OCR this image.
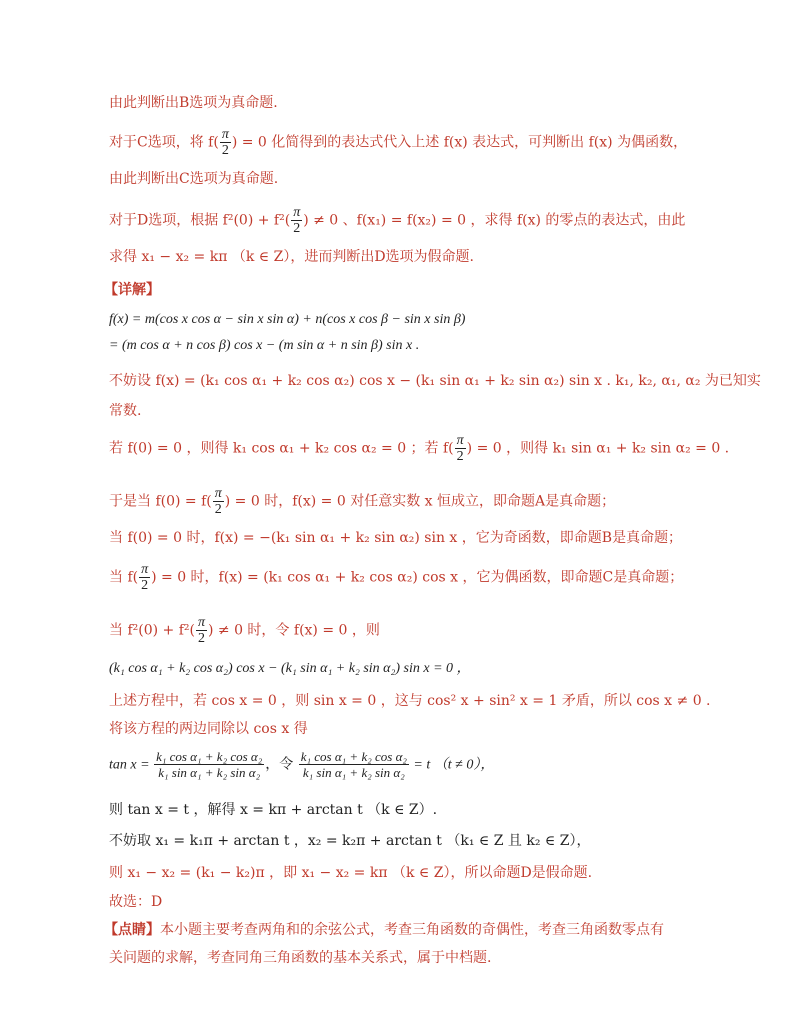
由此判断出B选项为真命题.
对于C选项，将 $f( \frac{\pi}{2}$ ) = 0 化简得到的表达式代入上述 f(x) 表达式，可判断出 f(x) 为偶函数，
由此判断出C选项为真命题.
对于D选项，根据 $f^2(0) + f^2( \frac{\pi}{2}$ ) ≠ 0 、f(x₁) = f(x₂) = 0 ，求得 f(x) 的零点的表达式，由此
求得 x₁ − x₂ = kπ （k ∈ Z），进而判断出D选项为假命题.
【详解】
f(x) = m(cos x cos α − sin x sin α) + n(cos x cos β − sin x sin β)
= (m cos α + n cos β) cos x − (m sin α + n sin β) sin x .
不妨设 f(x) = (k₁ cos α₁ + k₂ cos α₂) cos x − (k₁ sin α₁ + k₂ sin α₂) sin x . k₁, k₂, α₁, α₂ 为已知实
常数.
若 f(0) = 0 ，则得 k₁ cos α₁ + k₂ cos α₂ = 0 ；若 $f( \frac{\pi}{2}$ ) = 0 ，则得 k₁ sin α₁ + k₂ sin α₂ = 0 .
于是当 $f(0) = f( \frac{\pi}{2}$ ) = 0 时，f(x) = 0 对任意实数 x 恒成立，即命题A是真命题；
当 f(0) = 0 时，f(x) = −(k₁ sin α₁ + k₂ sin α₂) sin x ，它为奇函数，即命题B是真命题；
当 $f( \frac{\pi}{2}$ ) = 0 时，f(x) = (k₁ cos α₁ + k₂ cos α₂) cos x ，它为偶函数，即命题C是真命题；
当 $f^2(0) + f^2( \frac{\pi}{2}$ ) ≠ 0 时，令 f(x) = 0 ，则
(k₁ cos α₁ + k₂ cos α₂) cos x − (k₁ sin α₁ + k₂ sin α₂) sin x = 0 ，
上述方程中，若 cos x = 0 ，则 sin x = 0 ，这与 cos² x + sin² x = 1 矛盾，所以 cos x ≠ 0 .
将该方程的两边同除以 cos x 得
$\tan x = \frac{\text{k₁ cos α₁ + k₂ cos α₂}}{\text{k₁ sin α₁ + k₂ sin α₂}}$ ，令 $\frac{\text{k₁ cos α₁ + k₂ cos α₂}}{\text{k₁ sin α₁ + k₂ sin α₂}} = t$ （t ≠ 0），
则 tan x = t ，解得 x = kπ + arctan t （k ∈ Z）.
不妨取 x₁ = k₁π + arctan t ，x₂ = k₂π + arctan t （k₁ ∈ Z 且 k₂ ∈ Z），
则 x₁ − x₂ = (k₁ − k₂)π ，即 x₁ − x₂ = kπ （k ∈ Z），所以命题D是假命题.
故选：D
【点睛】本小题主要考查两角和的余弦公式，考查三角函数的奇偶性，考查三角函数零点有
关问题的求解，考查同角三角函数的基本关系式，属于中档题.
